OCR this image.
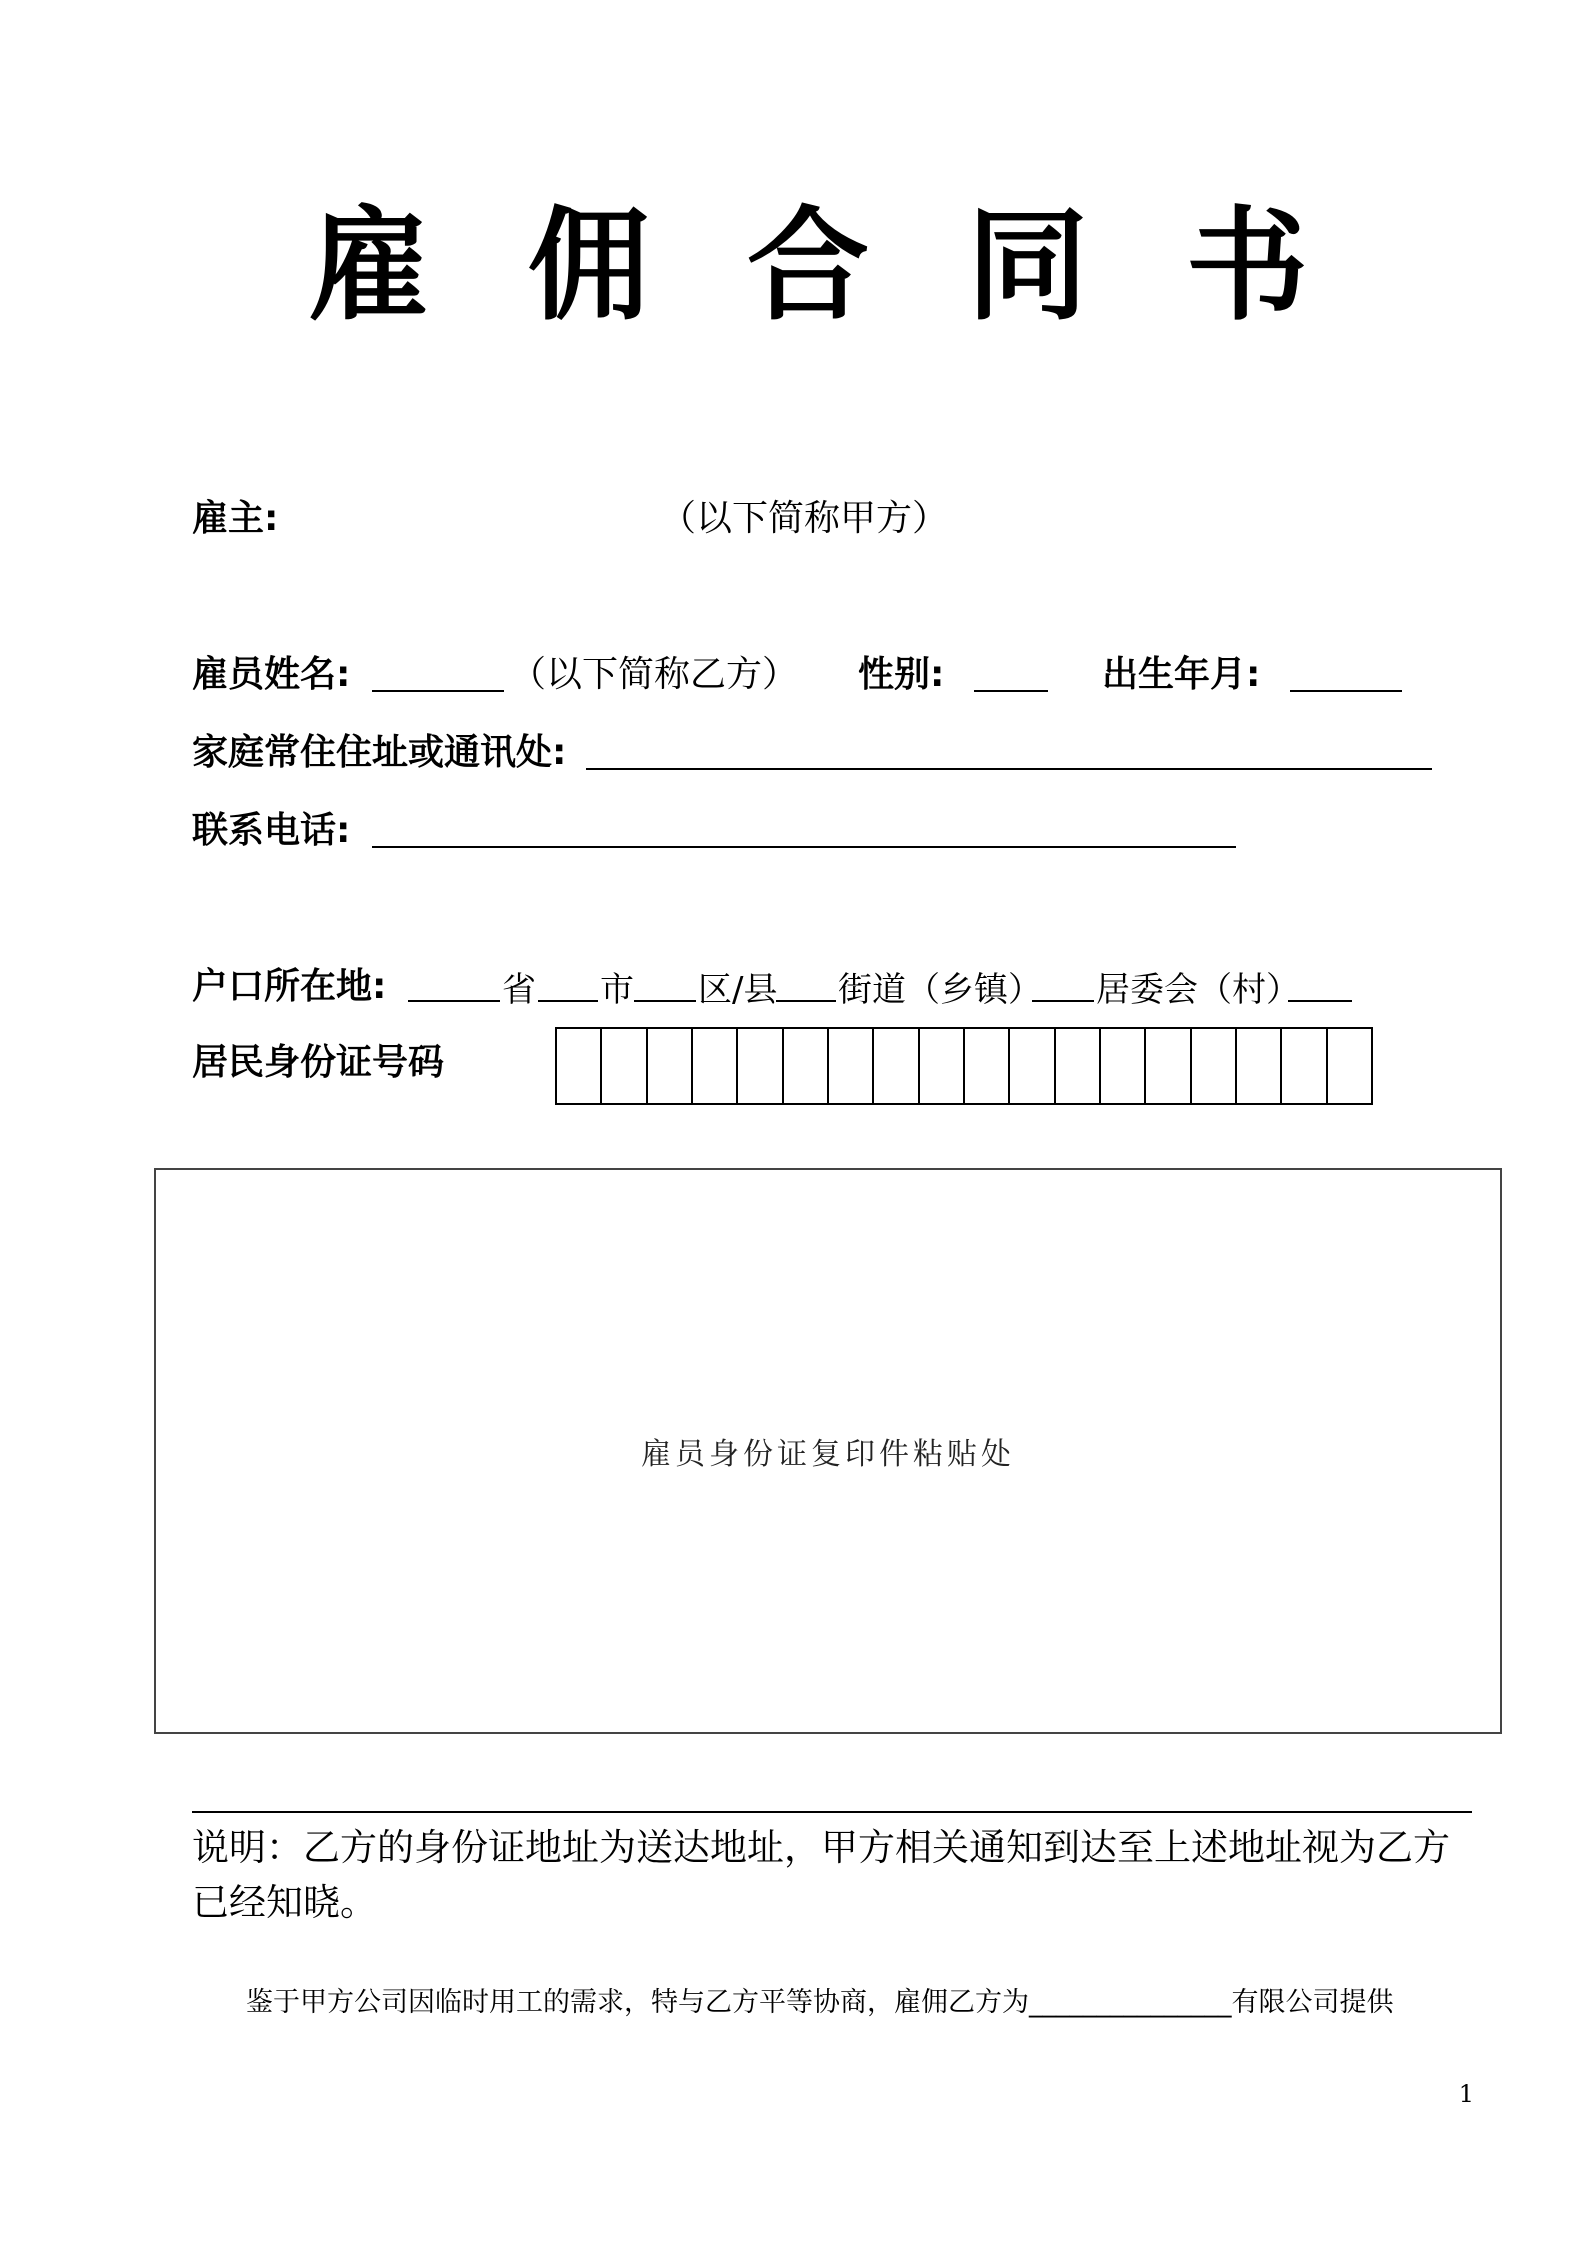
雇 佣 合 同 书
雇主:	（以下简称甲方）
雇员姓名:	（以下简称乙方） 性别:	出生年月:
家庭常住住址或通讯处:
联系电话:
户口所在地:	省 市 区/县 街道（乡镇） 居委会（村）
居民身份证号码
雇员身份证复印件粘贴处
说明：乙方的身份证地址为送达地址，甲方相关通知到达至上述地址视为乙方已经知晓。
鉴于甲方公司因临时用工的需求，特与乙方平等协商，雇佣乙方为_______________有限公司提供
1
